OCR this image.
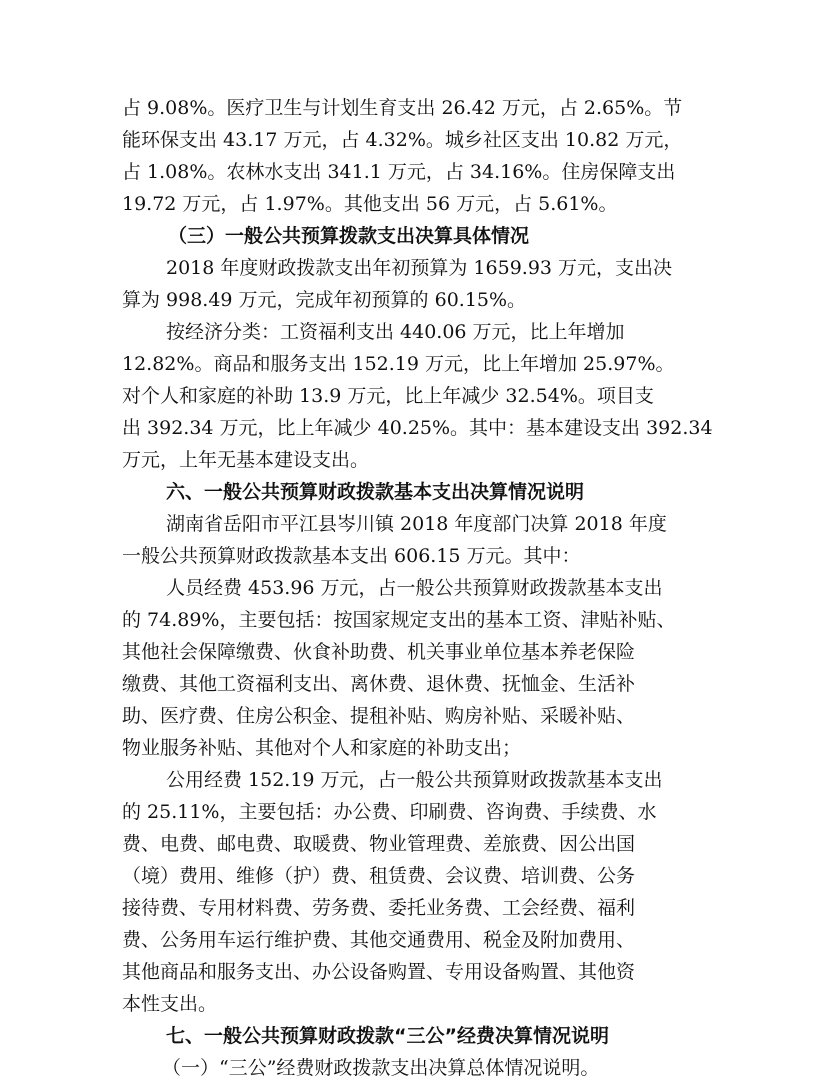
占 9.08%。医疗卫生与计划生育支出 26.42 万元，占 2.65%。节
能环保支出 43.17 万元，占 4.32%。城乡社区支出 10.82 万元，
占 1.08%。农林水支出 341.1 万元，占 34.16%。住房保障支出
19.72 万元，占 1.97%。其他支出 56 万元，占 5.61%。
（三）一般公共预算拨款支出决算具体情况
2018 年度财政拨款支出年初预算为 1659.93 万元，支出决
算为 998.49 万元，完成年初预算的 60.15%。
按经济分类：工资福利支出 440.06 万元，比上年增加
12.82%。商品和服务支出 152.19 万元，比上年增加 25.97%。
对个人和家庭的补助 13.9 万元，比上年减少 32.54%。项目支
出 392.34 万元，比上年减少 40.25%。其中：基本建设支出 392.34
万元，上年无基本建设支出。
六、一般公共预算财政拨款基本支出决算情况说明
湖南省岳阳市平江县岑川镇 2018 年度部门决算 2018 年度
一般公共预算财政拨款基本支出 606.15 万元。其中：
人员经费 453.96 万元，占一般公共预算财政拨款基本支出
的 74.89%，主要包括：按国家规定支出的基本工资、津贴补贴、
其他社会保障缴费、伙食补助费、机关事业单位基本养老保险
缴费、其他工资福利支出、离休费、退休费、抚恤金、生活补
助、医疗费、住房公积金、提租补贴、购房补贴、采暖补贴、
物业服务补贴、其他对个人和家庭的补助支出；
公用经费 152.19 万元，占一般公共预算财政拨款基本支出
的 25.11%，主要包括：办公费、印刷费、咨询费、手续费、水
费、电费、邮电费、取暖费、物业管理费、差旅费、因公出国
（境）费用、维修（护）费、租赁费、会议费、培训费、公务
接待费、专用材料费、劳务费、委托业务费、工会经费、福利
费、公务用车运行维护费、其他交通费用、税金及附加费用、
其他商品和服务支出、办公设备购置、专用设备购置、其他资
本性支出。
七、一般公共预算财政拨款“三公”经费决算情况说明
（一）“三公”经费财政拨款支出决算总体情况说明。
